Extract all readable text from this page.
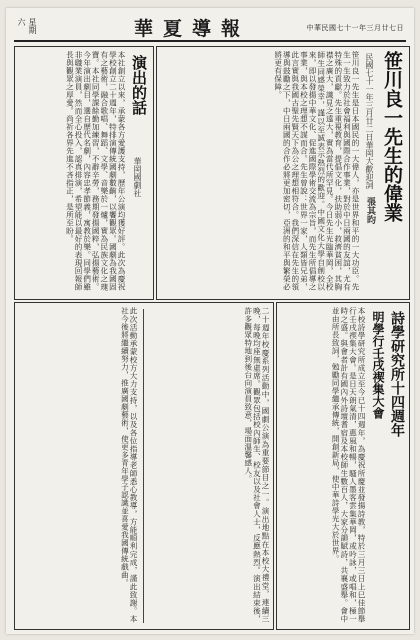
星期六	華夏導報	中華民國七十一年三月廿七日
笹川良一先生的偉業
張其昀
民國七十一年三月廿二日華岡大歡迎詞
笹川良一先生是日本國民的一大偉人，亦是世界和平的一大功臣。先生一生致力於社會福利與國際合作事業，對於中日兩國的友誼，尤有特殊的貢獻。先生重視教育，提倡文化，扶助弱小，救濟貧困，其胸襟之廣大，識見之遠大，實為當代所罕見。今日先生光臨華岡，全校師生同感榮幸，謹以至誠表示熱烈的歡迎。中國文化大學自創校以來，即以發揚中華文化、促進國際學術交流為宗旨，而先生所倡導之事業，與本校之理想不謀而合。先生曾說：世界一家，人類皆兄弟，此言實與我國古聖先賢天下為公之理想相符合。我們深信在先生的領導與鼓勵之下，中日兩國的合作必將更加密切，亞洲的和平與繁榮必將更有保障。
演出的話
華岡國劇社
本社創立以來，承蒙各方愛護支持，歷年公演均獲好評。此次為慶祝學校創立二十週年，特排演傳統國劇數齣，以饗觀眾。國劇為我國固有之藝術，融合歌唱、舞蹈、文學、音樂於一爐，實為民族文化之瑰寶。本社同學課餘勤加練習，不辭辛勞，務期發揚國粹，弘揚藝術。今年演出劇目，選自歷代名劇，內容忠孝節義，寓教於樂。同學們雖非職業演員，然而全心投入，認真排演，希望能以最好的表現回報師長與觀眾之厚愛。尚祈各界先進不吝指正，是所至盼。
二十週年校慶系列活動中，國劇公演為重要節目之一。演出地點在本校大禮堂，連續三晚，每晚均座無虛席。觀眾包括校內師生、校友以及社會人士，反應熱烈。演出結束後，許多觀眾特地到後台向演員致意，場面溫馨感人。
此次活動承蒙校方大力支持，以及各位指導老師悉心教導，方能順利完成，謹此致謝。本社今後將繼續努力，推廣國劇藝術，使更多青年學子認識並喜愛我國傳統戲曲。	詩學研究所十四週年
明學行壬戌禊集大會
本校詩學研究所成立至今已十四週年，為慶祝所慶並發揚詩教，特於三月三日上巳佳節舉行壬戌禊集大會。是日天朗氣清，惠風和暢，騷人墨客雲集華岡，或吟詠，或唱和，極一時之盛。與會者計有國內外詩壇耆宿及本校師生數百人，大家分韻賦詩，共襄盛舉。會中並由所長致詞，勉勵同學繼承傳統，開創新局，使中華詩學光大於世界。
